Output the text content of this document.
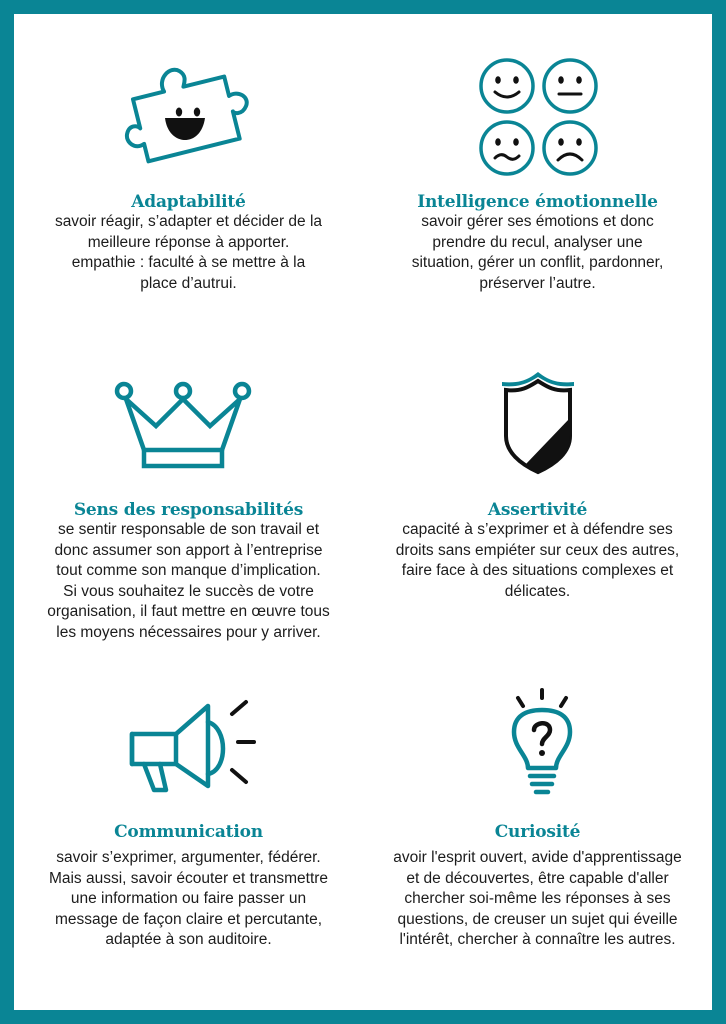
Adaptabilité
savoir réagir, s’adapter et décider de la
meilleure réponse à apporter.
empathie : faculté à se mettre à la
place d’autrui.
Intelligence émotionnelle
savoir gérer ses émotions et donc
prendre du recul, analyser une
situation, gérer un conflit, pardonner,
préserver l’autre.
Sens des responsabilités
se sentir responsable de son travail et
donc assumer son apport à l’entreprise
tout comme son manque d’implication.
Si vous souhaitez le succès de votre
organisation, il faut mettre en œuvre tous
les moyens nécessaires pour y arriver.
Assertivité
capacité à s’exprimer et à défendre ses
droits sans empiéter sur ceux des autres,
faire face à des situations complexes et
délicates.
Communication
savoir s’exprimer, argumenter, fédérer.
Mais aussi, savoir écouter et transmettre
une information ou faire passer un
message de façon claire et percutante,
adaptée à son auditoire.
Curiosité
avoir l'esprit ouvert, avide d'apprentissage
et de découvertes, être capable d'aller
chercher soi-même les réponses à ses
questions, de creuser un sujet qui éveille
l'intérêt, chercher à connaître les autres.
